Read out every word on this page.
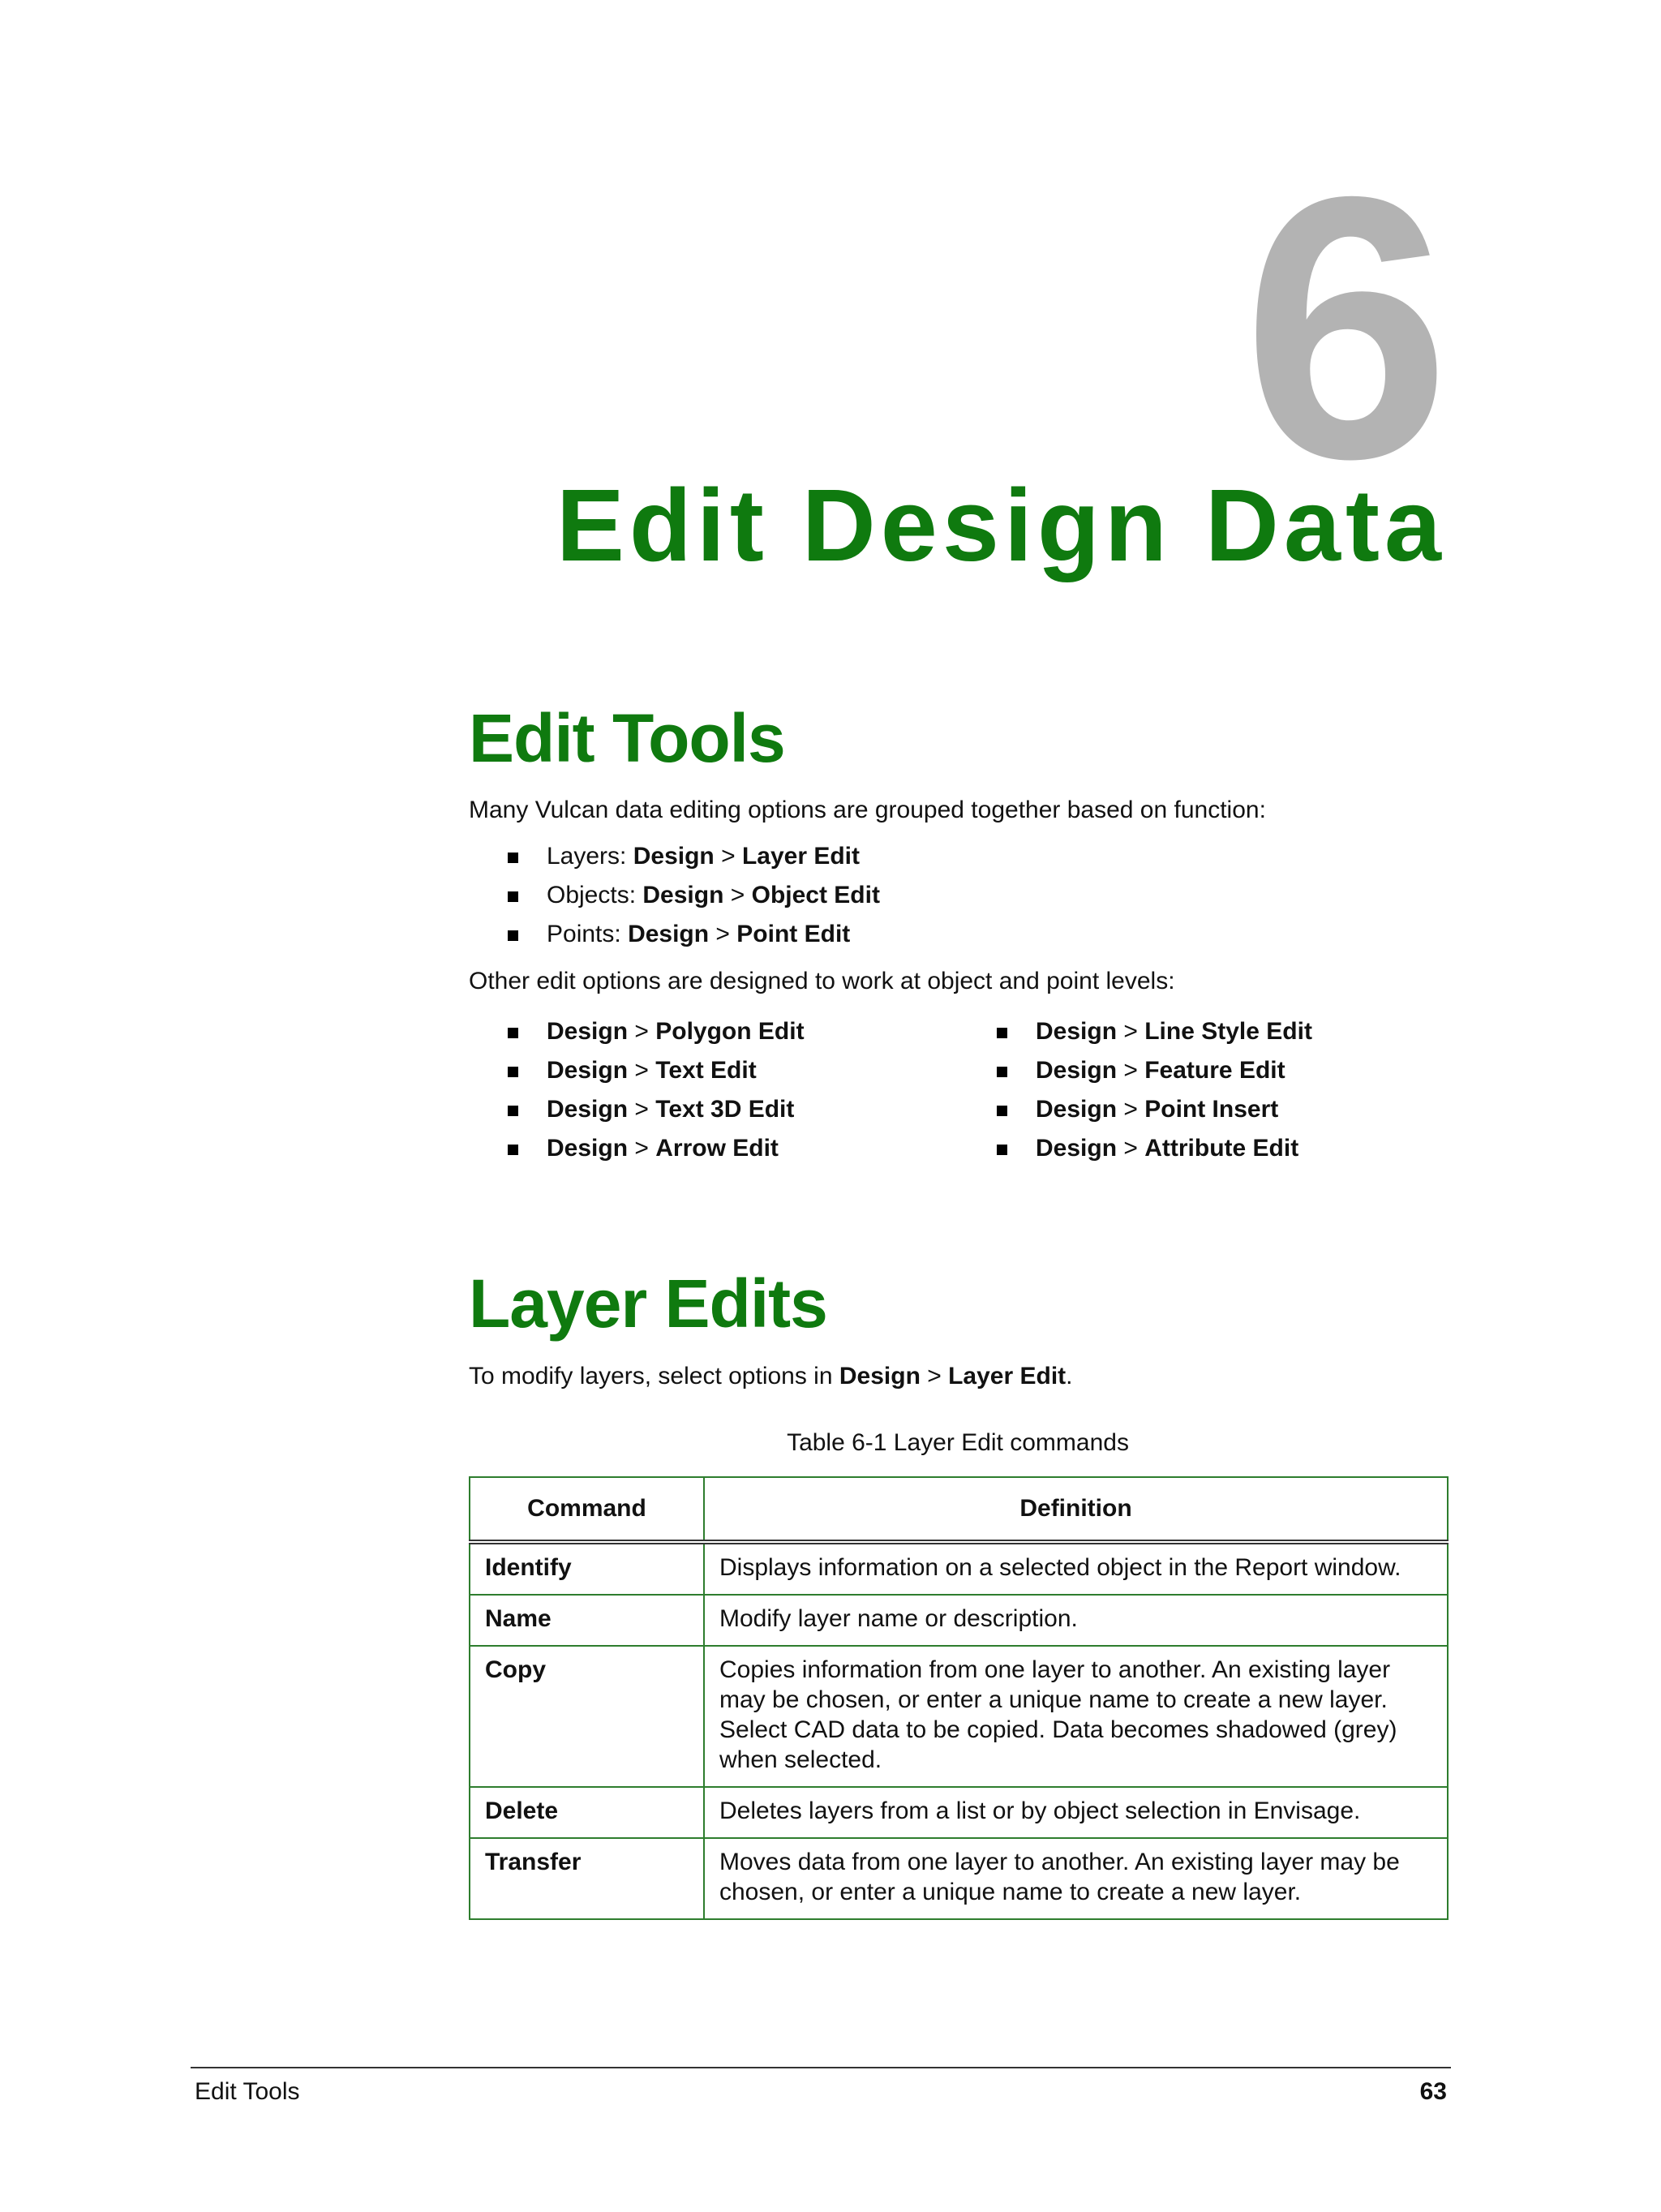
6
Edit Design Data
Edit Tools

Many Vulcan data editing options are grouped together based on function:

Layers: Design > Layer Edit
Objects: Design > Object Edit
Points: Design > Point Edit

Other edit options are designed to work at object and point levels:

Design > Polygon Edit
Design > Text Edit
Design > Text 3D Edit
Design > Arrow Edit
Design > Line Style Edit
Design > Feature Edit
Design > Point Insert
Design > Attribute Edit
Layer Edits

To modify layers, select options in Design > Layer Edit.

Table 6-1 Layer Edit commands

Command	Definition
Identify	Displays information on a selected object in the Report window.
Name	Modify layer name or description.
Copy	Copies information from one layer to another. An existing layer may be chosen, or enter a unique name to create a new layer. Select CAD data to be copied. Data becomes shadowed (grey) when selected.
Delete	Deletes layers from a list or by object selection in Envisage.
Transfer	Moves data from one layer to another. An existing layer may be chosen, or enter a unique name to create a new layer.
Edit Tools	63
